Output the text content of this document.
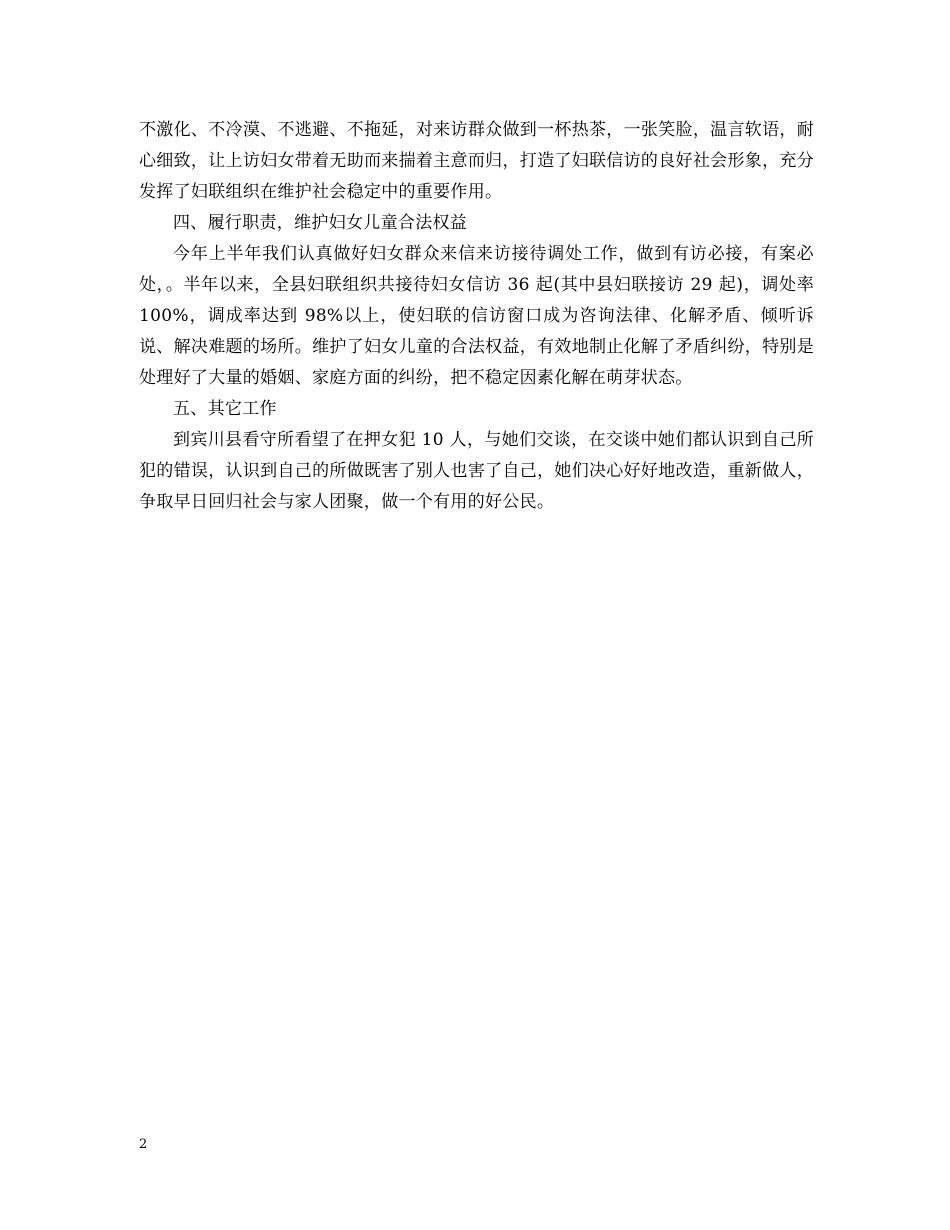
不激化、不冷漠、不逃避、不拖延，对来访群众做到一杯热茶，一张笑脸，温言软语，耐心细致，让上访妇女带着无助而来揣着主意而归，打造了妇联信访的良好社会形象，充分发挥了妇联组织在维护社会稳定中的重要作用。

四、履行职责，维护妇女儿童合法权益

今年上半年我们认真做好妇女群众来信来访接待调处工作，做到有访必接，有案必处，。半年以来，全县妇联组织共接待妇女信访 36 起(其中县妇联接访 29 起)，调处率 100%，调成率达到 98%以上，使妇联的信访窗口成为咨询法律、化解矛盾、倾听诉说、解决难题的场所。维护了妇女儿童的合法权益，有效地制止化解了矛盾纠纷，特别是处理好了大量的婚姻、家庭方面的纠纷，把不稳定因素化解在萌芽状态。

五、其它工作

到宾川县看守所看望了在押女犯 10 人，与她们交谈，在交谈中她们都认识到自己所犯的错误，认识到自己的所做既害了别人也害了自己，她们决心好好地改造，重新做人，争取早日回归社会与家人团聚，做一个有用的好公民。

2
